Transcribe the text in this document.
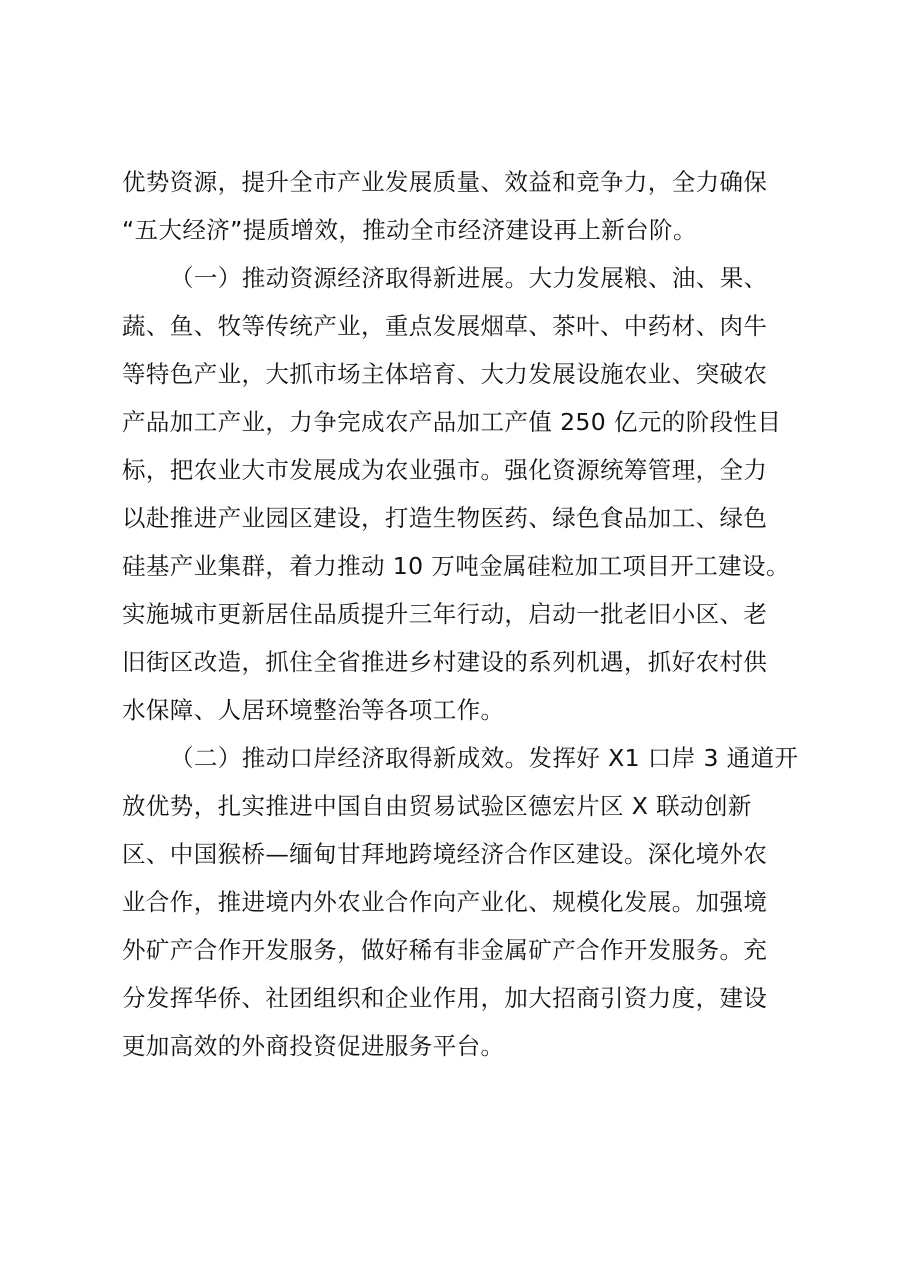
优势资源，提升全市产业发展质量、效益和竞争力，全力确保
“五大经济”提质增效，推动全市经济建设再上新台阶。
（一）推动资源经济取得新进展。大力发展粮、油、果、
蔬、鱼、牧等传统产业，重点发展烟草、茶叶、中药材、肉牛
等特色产业，大抓市场主体培育、大力发展设施农业、突破农
产品加工产业，力争完成农产品加工产值 250 亿元的阶段性目
标，把农业大市发展成为农业强市。强化资源统筹管理，全力
以赴推进产业园区建设，打造生物医药、绿色食品加工、绿色
硅基产业集群，着力推动 10 万吨金属硅粒加工项目开工建设。
实施城市更新居住品质提升三年行动，启动一批老旧小区、老
旧街区改造，抓住全省推进乡村建设的系列机遇，抓好农村供
水保障、人居环境整治等各项工作。
（二）推动口岸经济取得新成效。发挥好 X1 口岸 3 通道开
放优势，扎实推进中国自由贸易试验区德宏片区 X 联动创新
区、中国猴桥—缅甸甘拜地跨境经济合作区建设。深化境外农
业合作，推进境内外农业合作向产业化、规模化发展。加强境
外矿产合作开发服务，做好稀有非金属矿产合作开发服务。充
分发挥华侨、社团组织和企业作用，加大招商引资力度，建设
更加高效的外商投资促进服务平台。
